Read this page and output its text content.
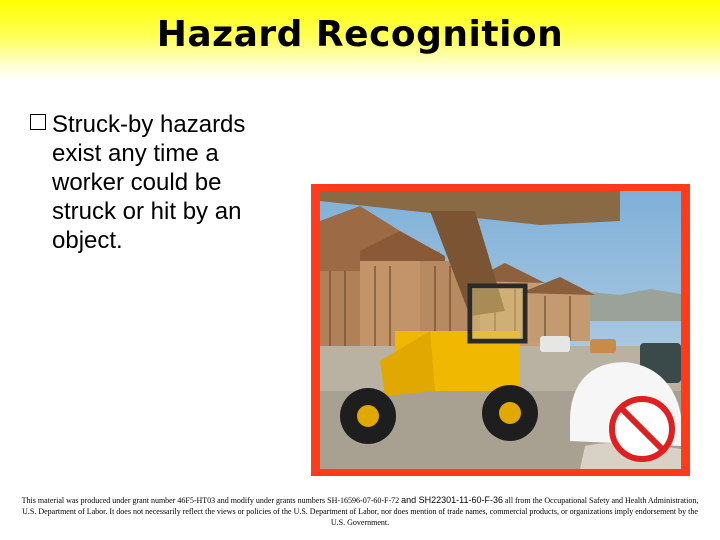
Hazard Recognition
Struck-by hazards exist any time a worker could be struck or hit by an object.
This material was produced under grant number 46F5-HT03 and modify under grants numbers SH-16596-07-60-F-72 and SH22301-11-60-F-36 all from the Occupational Safety and Health Administration, U.S. Department of Labor. It does not necessarily reflect the views or policies of the U.S. Department of Labor, nor does mention of trade names, commercial products, or organizations imply endorsement by the U.S. Government.
